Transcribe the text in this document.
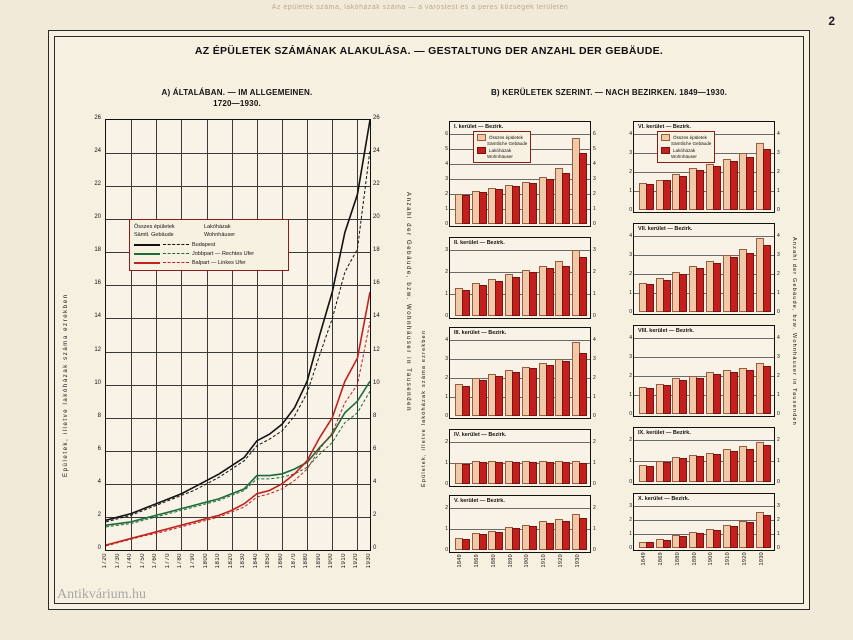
Az épületek száma, lakóházak száma — a várostest és a peres községek területén
2
AZ ÉPÜLETEK SZÁMÁNAK ALAKULÁSA. — GESTALTUNG DER ANZAHL DER GEBÄUDE.
A) ÁLTALÁBAN. — IM ALLGEMEINEN.
1720—1930.
Épületek, illetve lakóházak száma ezrekben	Anzahl der Gebäude, bzw. Wohnhäuser in Tausenden
0	0
2	2
4	4
6	6
8	8
10	10
12	12
14	14
16	16
18	18
20	20
22	22
24	24
26	26
1720 1730 1740 1750 1760 1770 1780 1790 1800 1810 1820 1830 1840 1850 1860 1870 1880 1890 1900 1910 1920 1930
Összes épületek
Sämtl. Gebäude
Lakóházak
Wohnhäuser
Budapest
Jobbpart — Rechtes Ufer
Balpart — Linkes Ufer
B) KERÜLETEK SZERINT. — NACH BEZIRKEN. 1849—1930.
Épületek, illetve lakóházak száma ezrekben	Anzahl der Gebäude, bzw. Wohnhäuser in Tausenden
I. kerület — Bezirk.
0	0
1	1
2	2
3	3
4	4
5	5
6	6
II. kerület — Bezirk.
0	0
1	1
2	2
3	3
III. kerület — Bezirk.
0	0
1	1
2	2
3	3
4	4
IV. kerület — Bezirk.
0	0
1	1
2	2
V. kerület — Bezirk.
0	0
1	1
2	2
1849 1869 1880 1890 1900 1910 1920 1930
VI. kerület — Bezirk.
0	0
1	1
2	2
3	3
4	4
VII. kerület — Bezirk.
0	0
1	1
2	2
3	3
4	4
VIII. kerület — Bezirk.
0	0
1	1
2	2
3	3
4	4
IX. kerület — Bezirk.
0	0
1	1
2	2
X. kerület — Bezirk.
0	0
1	1
2	2
3	3
1849 1869 1880 1890 1900 1910 1920 1930
Összes épületek
Sämtliche Gebäude
Lakóházak
Wohnhäuser
Összes épületek
Sämtliche Gebäude
Lakóházak
Wohnhäuser
Antikvárium.hu
